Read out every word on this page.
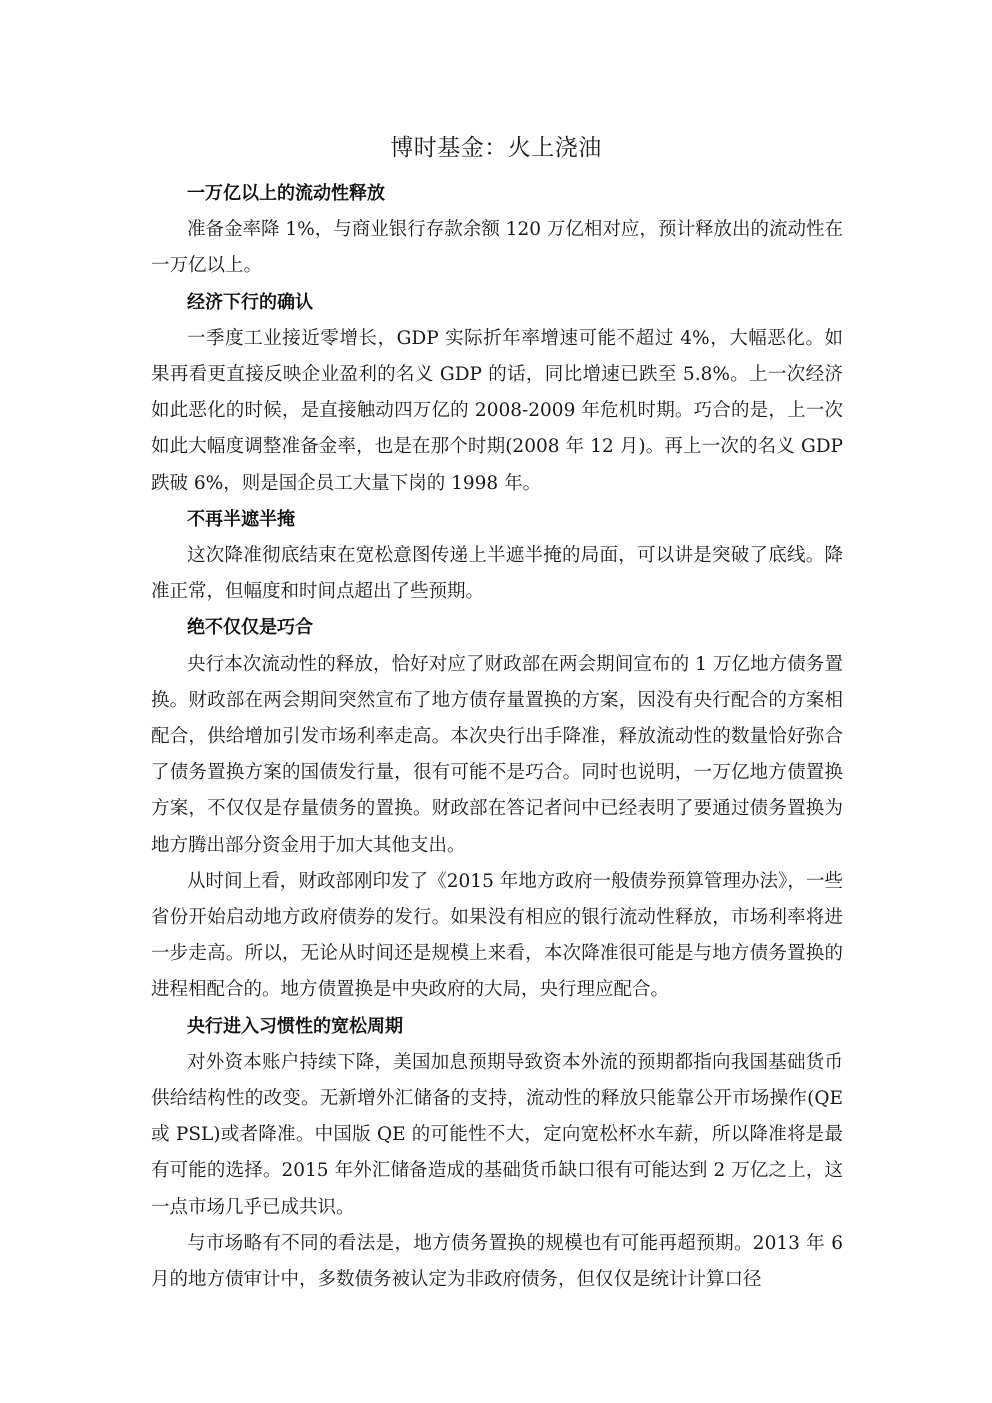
博时基金：火上浇油

一万亿以上的流动性释放

准备金率降 1%，与商业银行存款余额 120 万亿相对应，预计释放出的流动性在一万亿以上。

经济下行的确认

一季度工业接近零增长，GDP 实际折年率增速可能不超过 4%，大幅恶化。如果再看更直接反映企业盈利的名义 GDP 的话，同比增速已跌至 5.8%。上一次经济如此恶化的时候，是直接触动四万亿的 2008-2009 年危机时期。巧合的是，上一次如此大幅度调整准备金率，也是在那个时期(2008 年 12 月)。再上一次的名义 GDP 跌破 6%，则是国企员工大量下岗的 1998 年。

不再半遮半掩

这次降准彻底结束在宽松意图传递上半遮半掩的局面，可以讲是突破了底线。降准正常，但幅度和时间点超出了些预期。

绝不仅仅是巧合

央行本次流动性的释放，恰好对应了财政部在两会期间宣布的 1 万亿地方债务置换。财政部在两会期间突然宣布了地方债存量置换的方案，因没有央行配合的方案相配合，供给增加引发市场利率走高。本次央行出手降准，释放流动性的数量恰好弥合了债务置换方案的国债发行量，很有可能不是巧合。同时也说明，一万亿地方债置换方案，不仅仅是存量债务的置换。财政部在答记者问中已经表明了要通过债务置换为地方腾出部分资金用于加大其他支出。

从时间上看，财政部刚印发了《2015 年地方政府一般债券预算管理办法》，一些省份开始启动地方政府债券的发行。如果没有相应的银行流动性释放，市场利率将进一步走高。所以，无论从时间还是规模上来看，本次降准很可能是与地方债务置换的进程相配合的。地方债置换是中央政府的大局，央行理应配合。

央行进入习惯性的宽松周期

对外资本账户持续下降，美国加息预期导致资本外流的预期都指向我国基础货币供给结构性的改变。无新增外汇储备的支持，流动性的释放只能靠公开市场操作(QE 或 PSL)或者降准。中国版 QE 的可能性不大，定向宽松杯水车薪，所以降准将是最有可能的选择。2015 年外汇储备造成的基础货币缺口很有可能达到 2 万亿之上，这一点市场几乎已成共识。

与市场略有不同的看法是，地方债务置换的规模也有可能再超预期。2013 年 6 月的地方债审计中，多数债务被认定为非政府债务，但仅仅是统计计算口径
